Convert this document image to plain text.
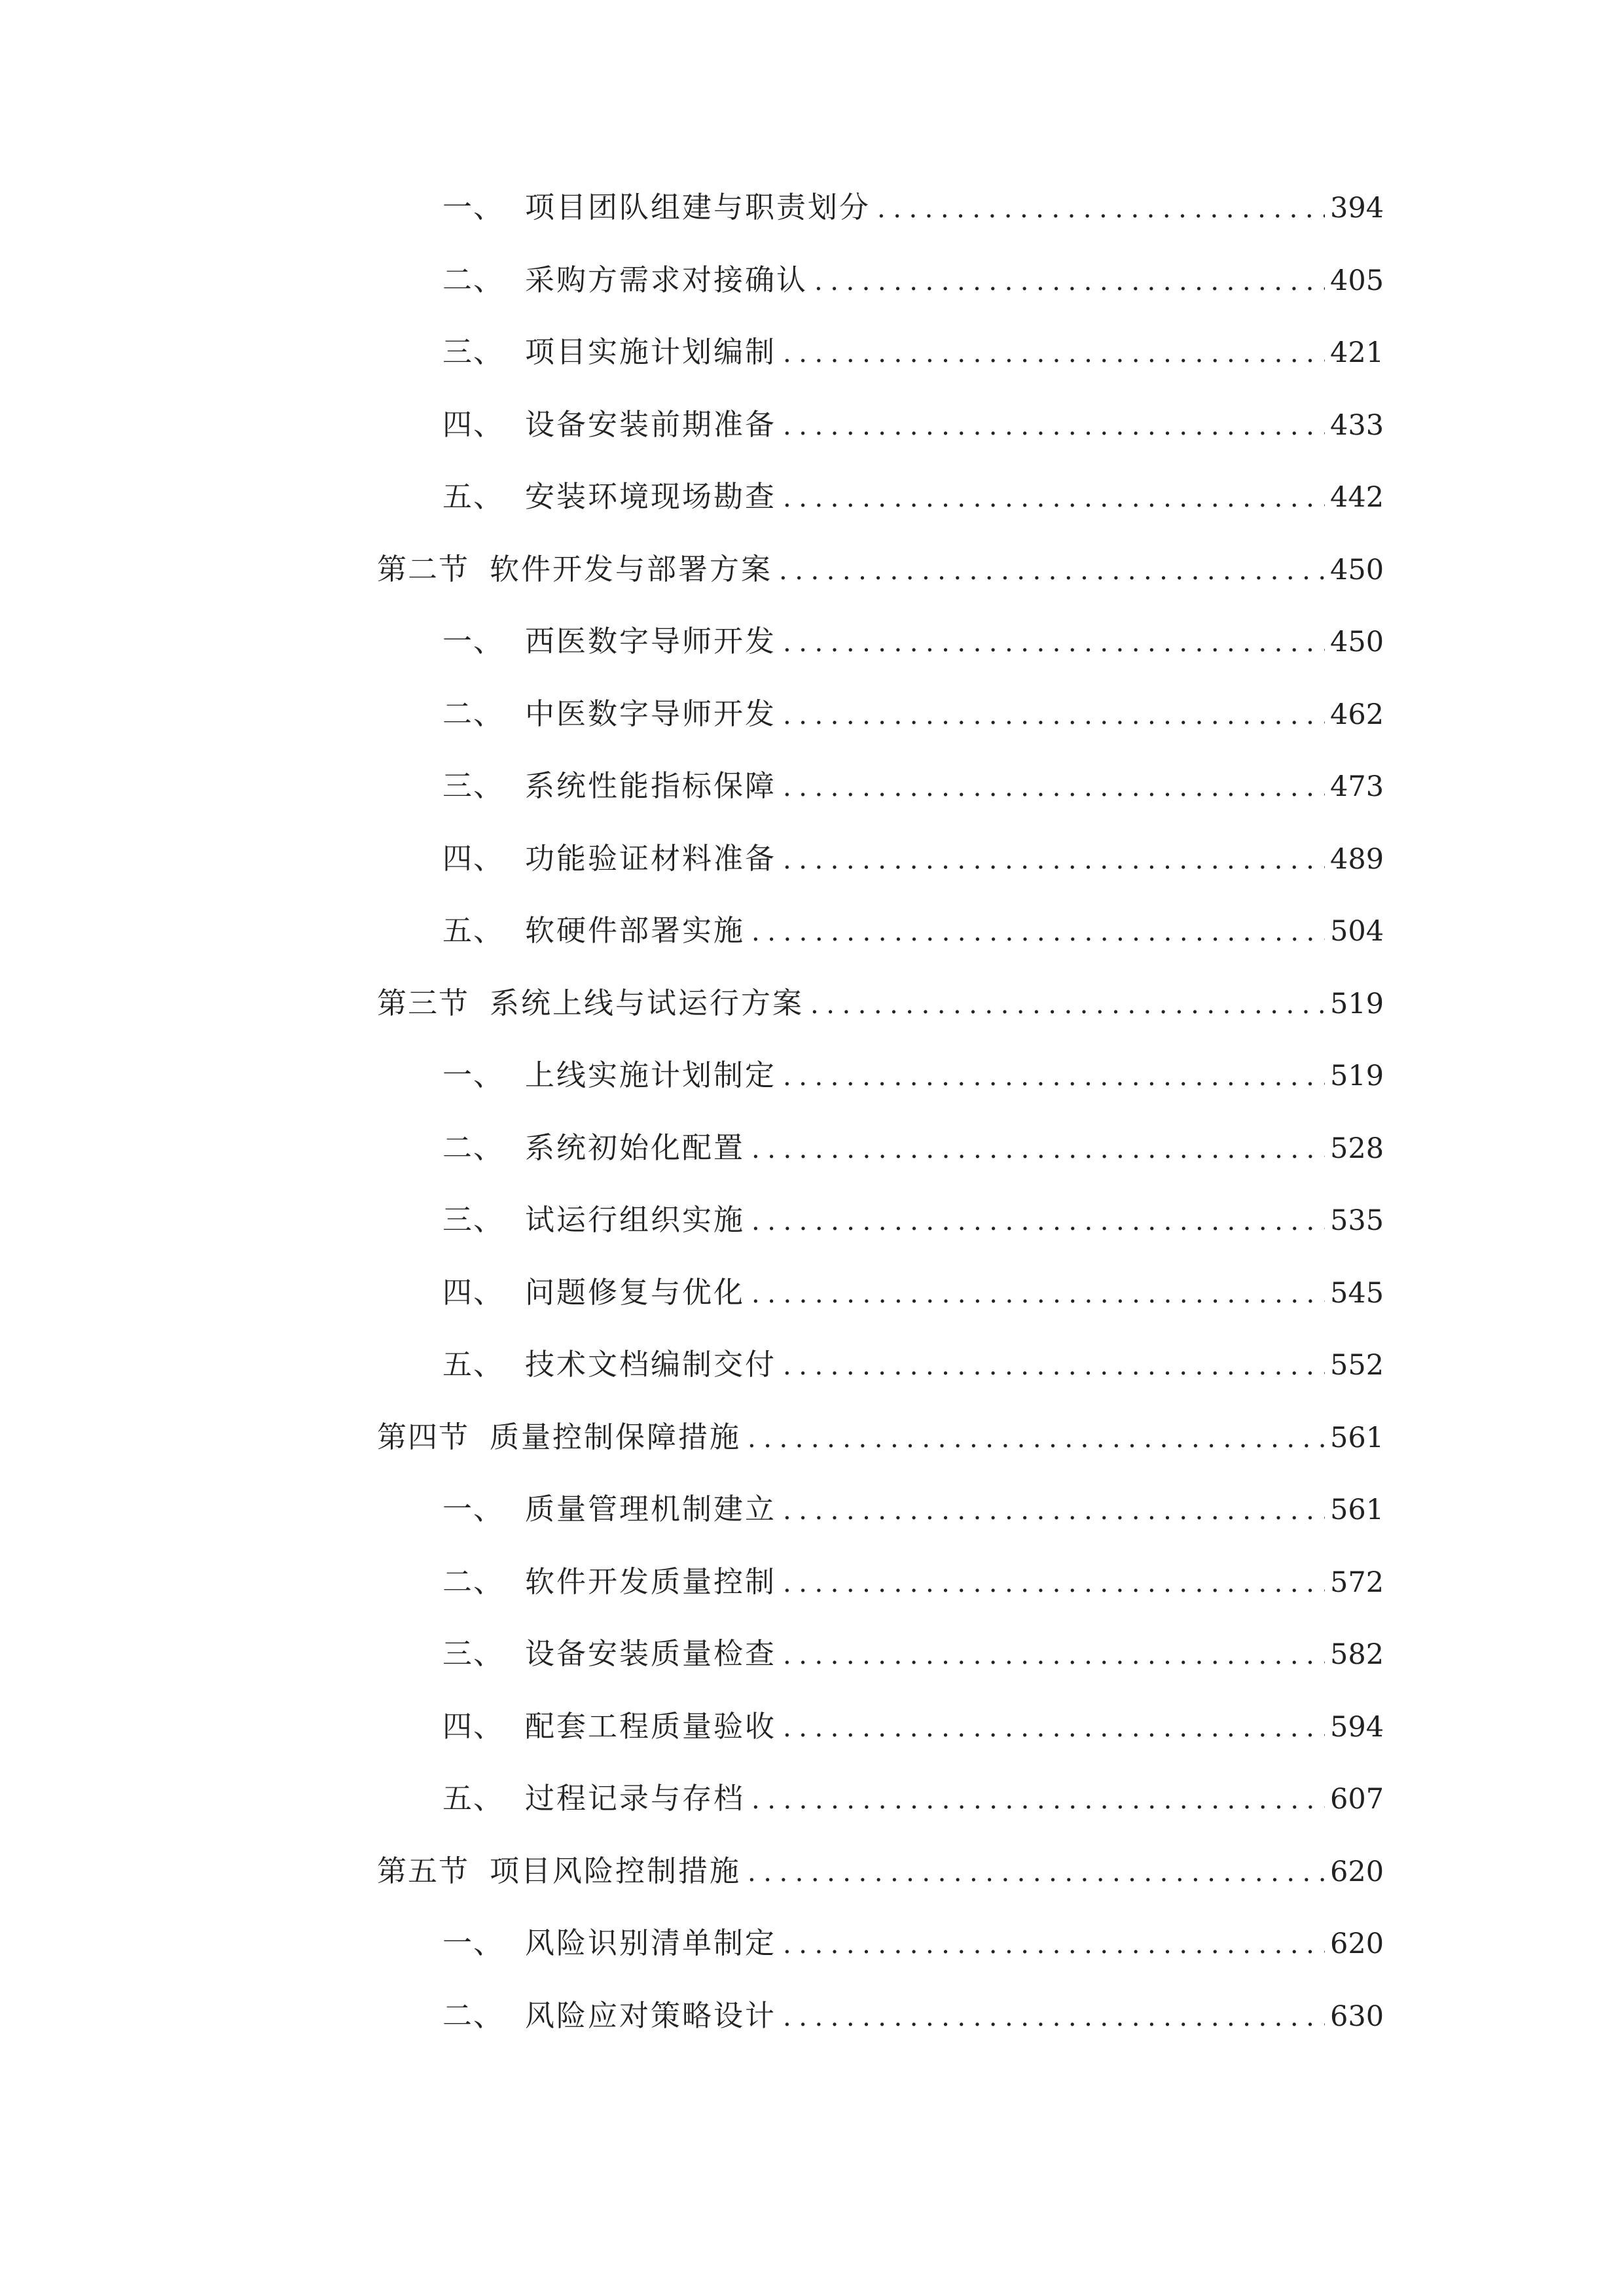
一、 项目团队组建与职责划分 .....	394
二、 采购方需求对接确认 .....	405
三、 项目实施计划编制 .....	421
四、 设备安装前期准备 .....	433
五、 安装环境现场勘查 .....	442
第二节 软件开发与部署方案 .....	450
一、 西医数字导师开发 .....	450
二、 中医数字导师开发 .....	462
三、 系统性能指标保障 .....	473
四、 功能验证材料准备 .....	489
五、 软硬件部署实施 .....	504
第三节 系统上线与试运行方案 .....	519
一、 上线实施计划制定 .....	519
二、 系统初始化配置 .....	528
三、 试运行组织实施 .....	535
四、 问题修复与优化 .....	545
五、 技术文档编制交付 .....	552
第四节 质量控制保障措施 .....	561
一、 质量管理机制建立 .....	561
二、 软件开发质量控制 .....	572
三、 设备安装质量检查 .....	582
四、 配套工程质量验收 .....	594
五、 过程记录与存档 .....	607
第五节 项目风险控制措施 .....	620
一、 风险识别清单制定 .....	620
二、 风险应对策略设计 .....	630
